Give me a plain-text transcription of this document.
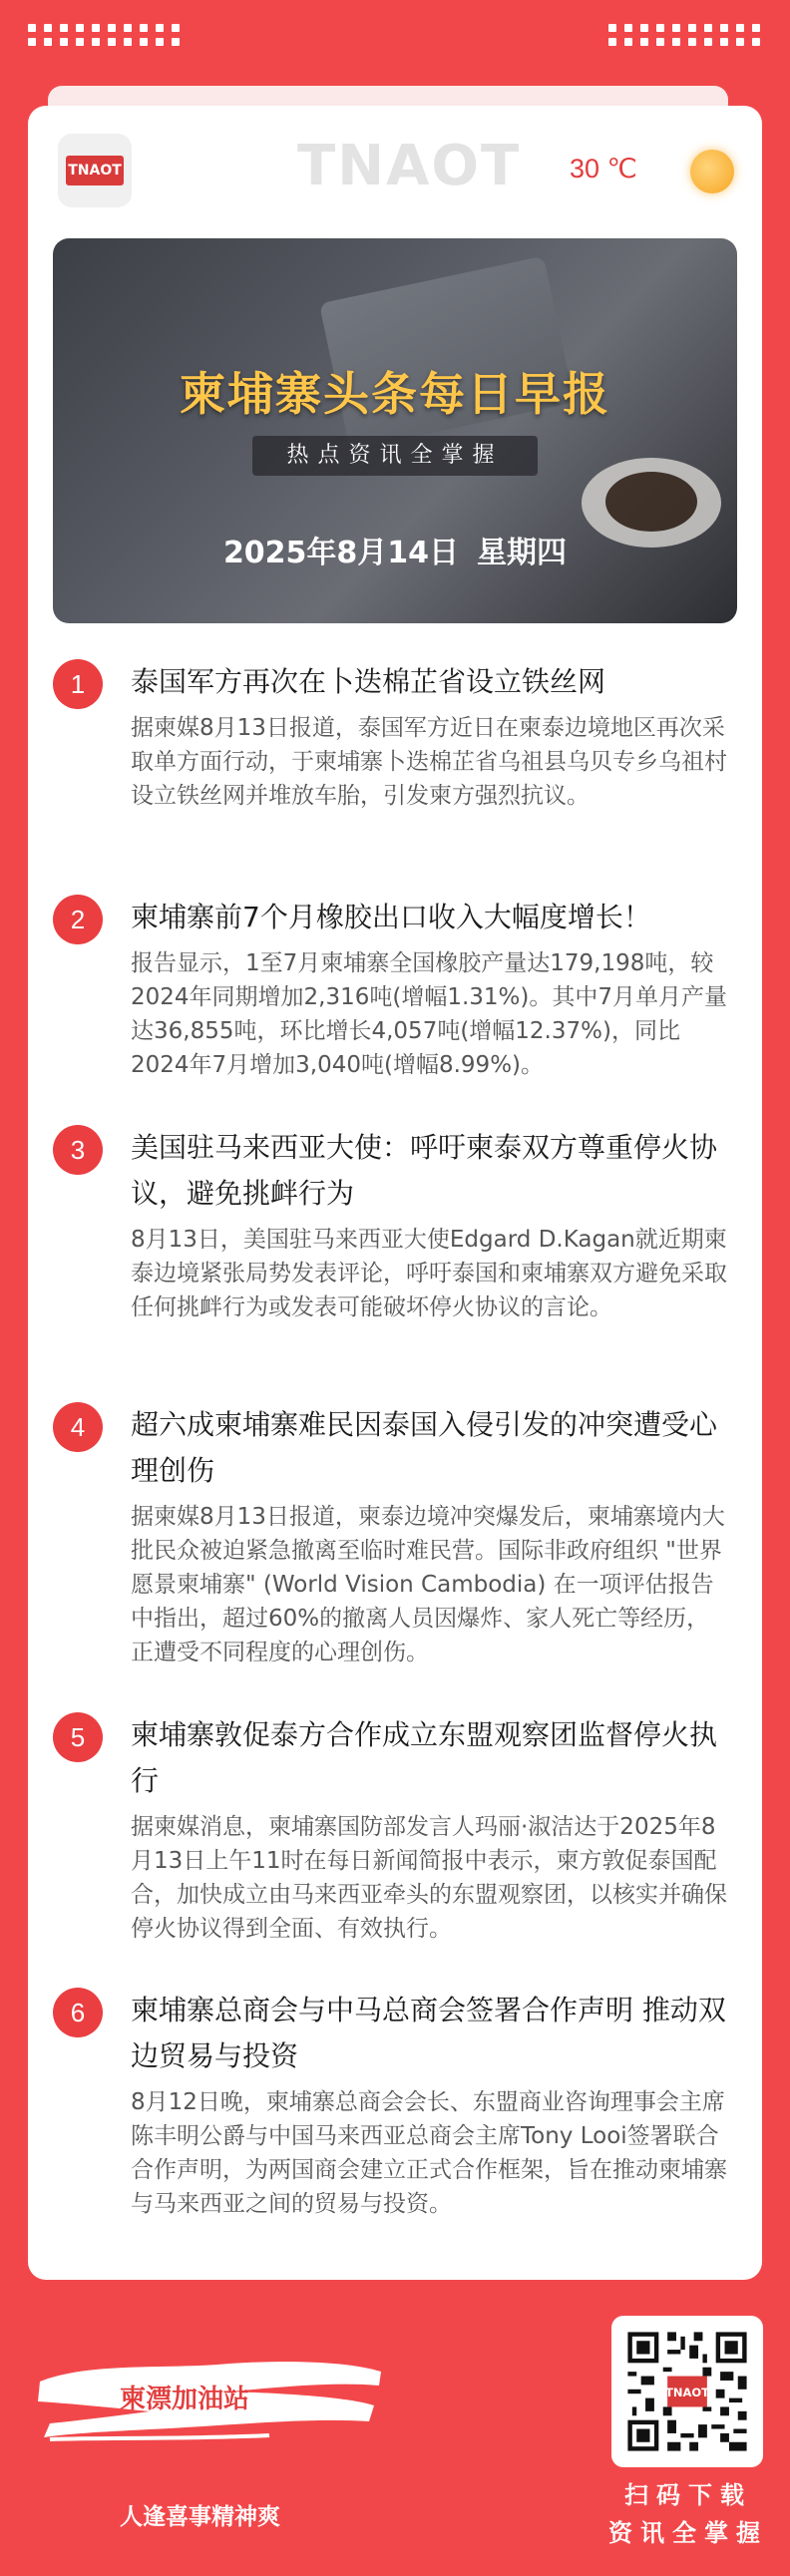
TNAOT	TNAOT 30 ℃
柬埔寨头条每日早报
热点资讯全掌握
2025年8月14日 星期四
1	泰国军方再次在卜迭棉芷省设立铁丝网
据柬媒8月13日报道，泰国军方近日在柬泰边境地区再次采取单方面行动，于柬埔寨卜迭棉芷省乌祖县乌贝专乡乌祖村设立铁丝网并堆放车胎，引发柬方强烈抗议。
2	柬埔寨前7个月橡胶出口收入大幅度增长！
报告显示，1至7月柬埔寨全国橡胶产量达179,198吨，较2024年同期增加2,316吨(增幅1.31%)。其中7月单月产量达36,855吨，环比增长4,057吨(增幅12.37%)，同比2024年7月增加3,040吨(增幅8.99%)。
3	美国驻马来西亚大使：呼吁柬泰双方尊重停火协议，避免挑衅行为
8月13日，美国驻马来西亚大使Edgard D.Kagan就近期柬泰边境紧张局势发表评论，呼吁泰国和柬埔寨双方避免采取任何挑衅行为或发表可能破坏停火协议的言论。
4	超六成柬埔寨难民因泰国入侵引发的冲突遭受心理创伤
据柬媒8月13日报道，柬泰边境冲突爆发后，柬埔寨境内大批民众被迫紧急撤离至临时难民营。国际非政府组织 "世界愿景柬埔寨" (World Vision Cambodia) 在一项评估报告中指出，超过60%的撤离人员因爆炸、家人死亡等经历，正遭受不同程度的心理创伤。
5	柬埔寨敦促泰方合作成立东盟观察团监督停火执行
据柬媒消息，柬埔寨国防部发言人玛丽·淑洁达于2025年8月13日上午11时在每日新闻简报中表示，柬方敦促泰国配合，加快成立由马来西亚牵头的东盟观察团，以核实并确保停火协议得到全面、有效执行。
6	柬埔寨总商会与中马总商会签署合作声明 推动双边贸易与投资
8月12日晚，柬埔寨总商会会长、东盟商业咨询理事会主席陈丰明公爵与中国马来西亚总商会主席Tony Looi签署联合合作声明，为两国商会建立正式合作框架，旨在推动柬埔寨与马来西亚之间的贸易与投资。
柬漂加油站
人逢喜事精神爽
TNAOT
扫码下载
资讯全掌握
